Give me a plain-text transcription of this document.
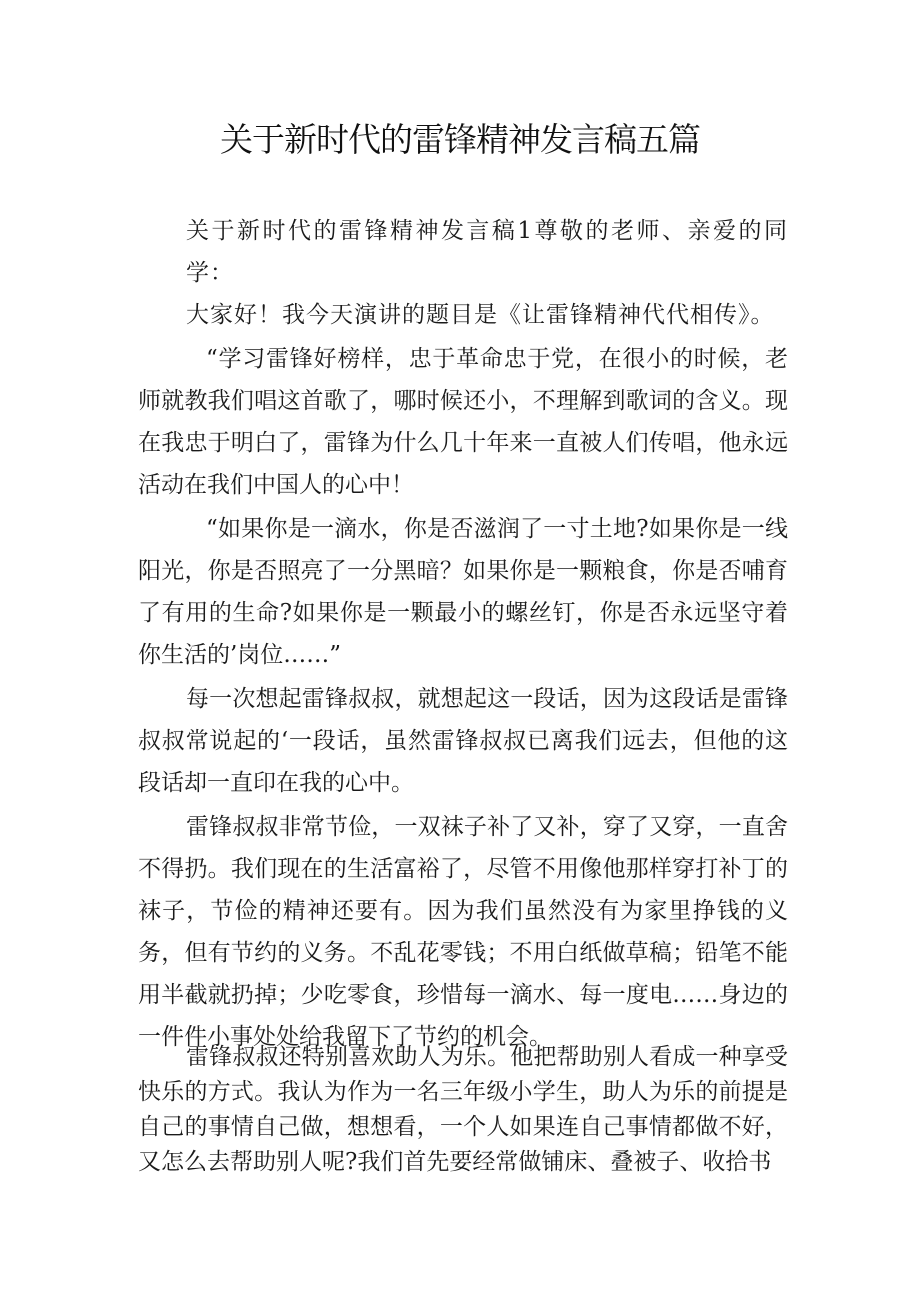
关于新时代的雷锋精神发言稿五篇

关于新时代的雷锋精神发言稿1尊敬的老师、亲爱的同学：

大家好！我今天演讲的题目是《让雷锋精神代代相传》。

“学习雷锋好榜样，忠于革命忠于党，在很小的时候，老师就教我们唱这首歌了，哪时候还小，不理解到歌词的含义。现在我忠于明白了，雷锋为什么几十年来一直被人们传唱，他永远活动在我们中国人的心中！

“如果你是一滴水，你是否滋润了一寸土地?如果你是一线阳光，你是否照亮了一分黑暗？如果你是一颗粮食，你是否哺育了有用的生命?如果你是一颗最小的螺丝钉，你是否永远坚守着你生活的’岗位……”

每一次想起雷锋叔叔，就想起这一段话，因为这段话是雷锋叔叔常说起的‘一段话，虽然雷锋叔叔已离我们远去，但他的这段话却一直印在我的心中。

雷锋叔叔非常节俭，一双袜子补了又补，穿了又穿，一直舍不得扔。我们现在的生活富裕了，尽管不用像他那样穿打补丁的袜子，节俭的精神还要有。因为我们虽然没有为家里挣钱的义务，但有节约的义务。不乱花零钱；不用白纸做草稿；铅笔不能用半截就扔掉；少吃零食，珍惜每一滴水、每一度电……身边的一件件小事处处给我留下了节约的机会。

雷锋叔叔还特别喜欢助人为乐。他把帮助别人看成一种享受快乐的方式。我认为作为一名三年级小学生，助人为乐的前提是自己的事情自己做，想想看，一个人如果连自己事情都做不好，又怎么去帮助别人呢?我们首先要经常做铺床、叠被子、收拾书
